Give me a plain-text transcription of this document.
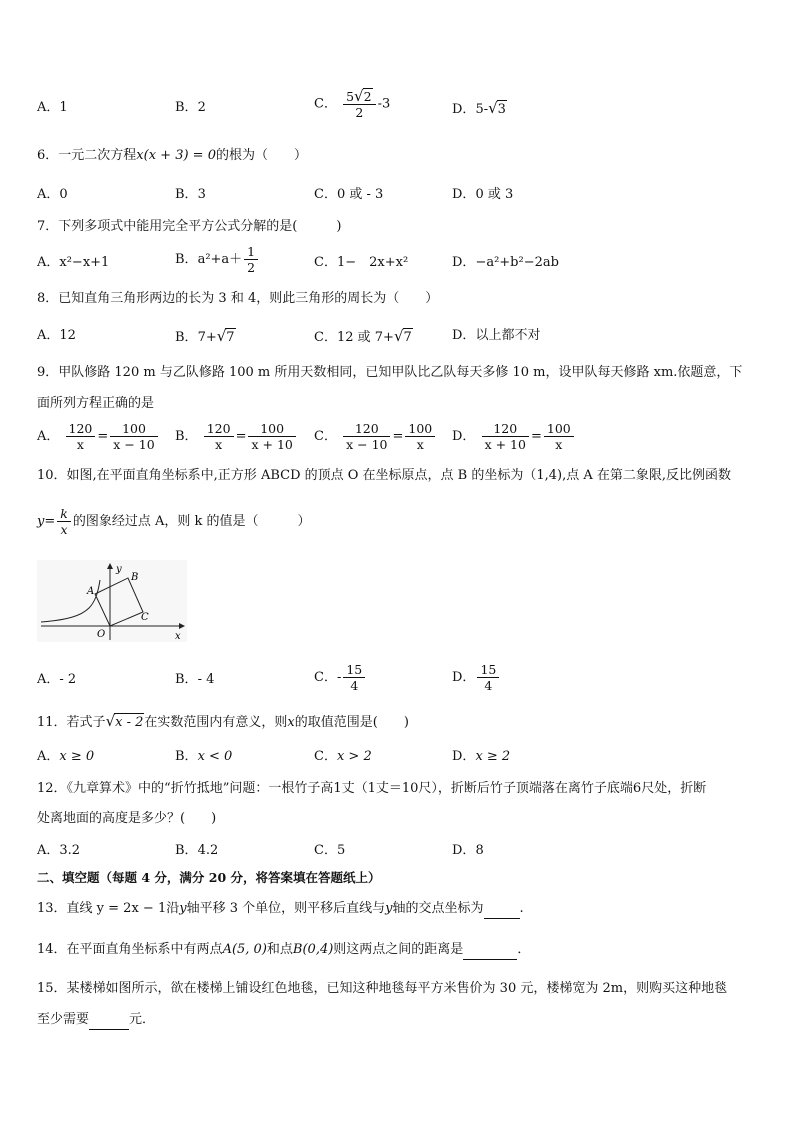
A．1	B．2	C． $\frac{5√2}{2} -3$	D．5-√3
6．一元二次方程x(x + 3) = 0的根为（　　）
A．0	B．3	C．0 或 - 3	D．0 或 3
7．下列多项式中能用完全平方公式分解的是(　　　)
A．x²−x+1	B．$a^2+a+ \frac{1}{2}$	C．1−　2x+x²	D．−a²+b²−2ab
8．已知直角三角形两边的长为 3 和 4，则此三角形的周长为（　　）
A．12	B．7+√7	C．12 或 7+√7	D．以上都不对
9．甲队修路 120 m 与乙队修路 100 m 所用天数相同，已知甲队比乙队每天多修 10 m，设甲队每天修路 xm.依题意，下
面所列方程正确的是
A． $\frac{120}{x} = \frac{100}{x - 10}$ B． $\frac{120}{x} = \frac{100}{x + 10}$ C． $\frac{120}{x - 10} = \frac{100}{x}$ D． $\frac{120}{x + 10} = \frac{100}{x}$
10．如图,在平面直角坐标系中,正方形 ABCD 的顶点 O 在坐标原点，点 B 的坐标为（1,4),点 A 在第二象限,反比例函数
$y= \frac{k}{x}$ 的图象经过点 A，则 k 的值是（　　　）
y
x
O
A
B
C
A．- 2	B．- 4	C．- $\frac{15}{4}$	D． $\frac{15}{4}$
11．若式子√x - 2在实数范围内有意义，则x的取值范围是(　　)
A．x ≥ 0	B．x < 0	C．x > 2	D．x ≥ 2
12．《九章算术》中的“折竹抵地”问题：一根竹子高1丈（1丈＝10尺），折断后竹子顶端落在离竹子底端6尺处，折断
处离地面的高度是多少？(　　)
A．3.2	B．4.2	C．5	D．8
二、填空题（每题 4 分，满分 20 分，将答案填在答题纸上）
13．直线 y = 2x − 1沿y轴平移 3 个单位，则平移后直线与y轴的交点坐标为	.
14．在平面直角坐标系中有两点A(5, 0)和点B(0,4)则这两点之间的距离是	．
15．某楼梯如图所示，欲在楼梯上铺设红色地毯，已知这种地毯每平方米售价为 30 元，楼梯宽为 2m，则购买这种地毯
至少需要	元．
